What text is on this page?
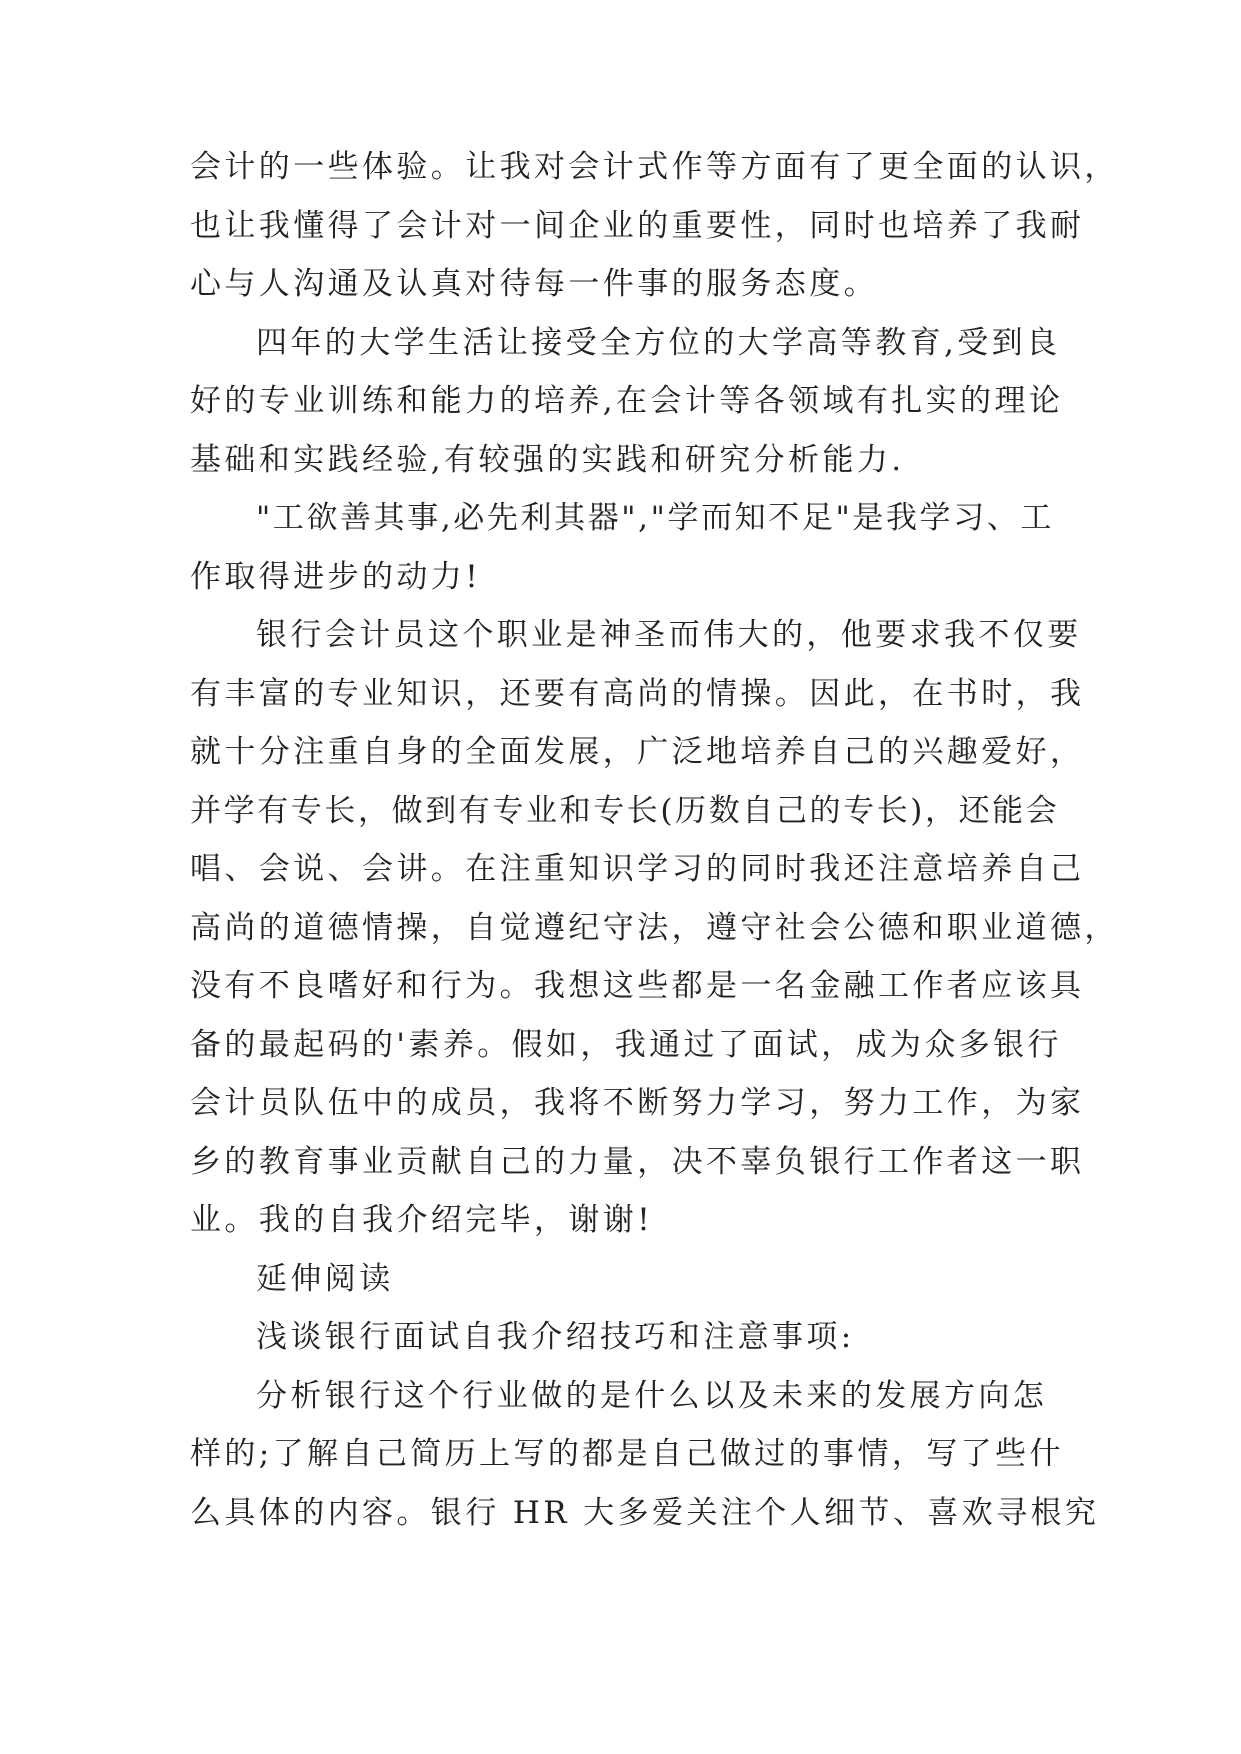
会计的一些体验。让我对会计式作等方面有了更全面的认识，
也让我懂得了会计对一间企业的重要性，同时也培养了我耐
心与人沟通及认真对待每一件事的服务态度。
四年的大学生活让接受全方位的大学高等教育,受到良
好的专业训练和能力的培养,在会计等各领域有扎实的理论
基础和实践经验,有较强的实践和研究分析能力.
"工欲善其事,必先利其器","学而知不足"是我学习、工
作取得进步的动力!
银行会计员这个职业是神圣而伟大的，他要求我不仅要
有丰富的专业知识，还要有高尚的情操。因此，在书时，我
就十分注重自身的全面发展，广泛地培养自己的兴趣爱好，
并学有专长，做到有专业和专长(历数自己的专长)，还能会
唱、会说、会讲。在注重知识学习的同时我还注意培养自己
高尚的道德情操，自觉遵纪守法，遵守社会公德和职业道德，
没有不良嗜好和行为。我想这些都是一名金融工作者应该具
备的最起码的'素养。假如，我通过了面试，成为众多银行
会计员队伍中的成员，我将不断努力学习，努力工作，为家
乡的教育事业贡献自己的力量，决不辜负银行工作者这一职
业。我的自我介绍完毕，谢谢!
延伸阅读
浅谈银行面试自我介绍技巧和注意事项:
分析银行这个行业做的是什么以及未来的发展方向怎
样的;了解自己简历上写的都是自己做过的事情，写了些什
么具体的内容。银行 HR 大多爱关注个人细节、喜欢寻根究
